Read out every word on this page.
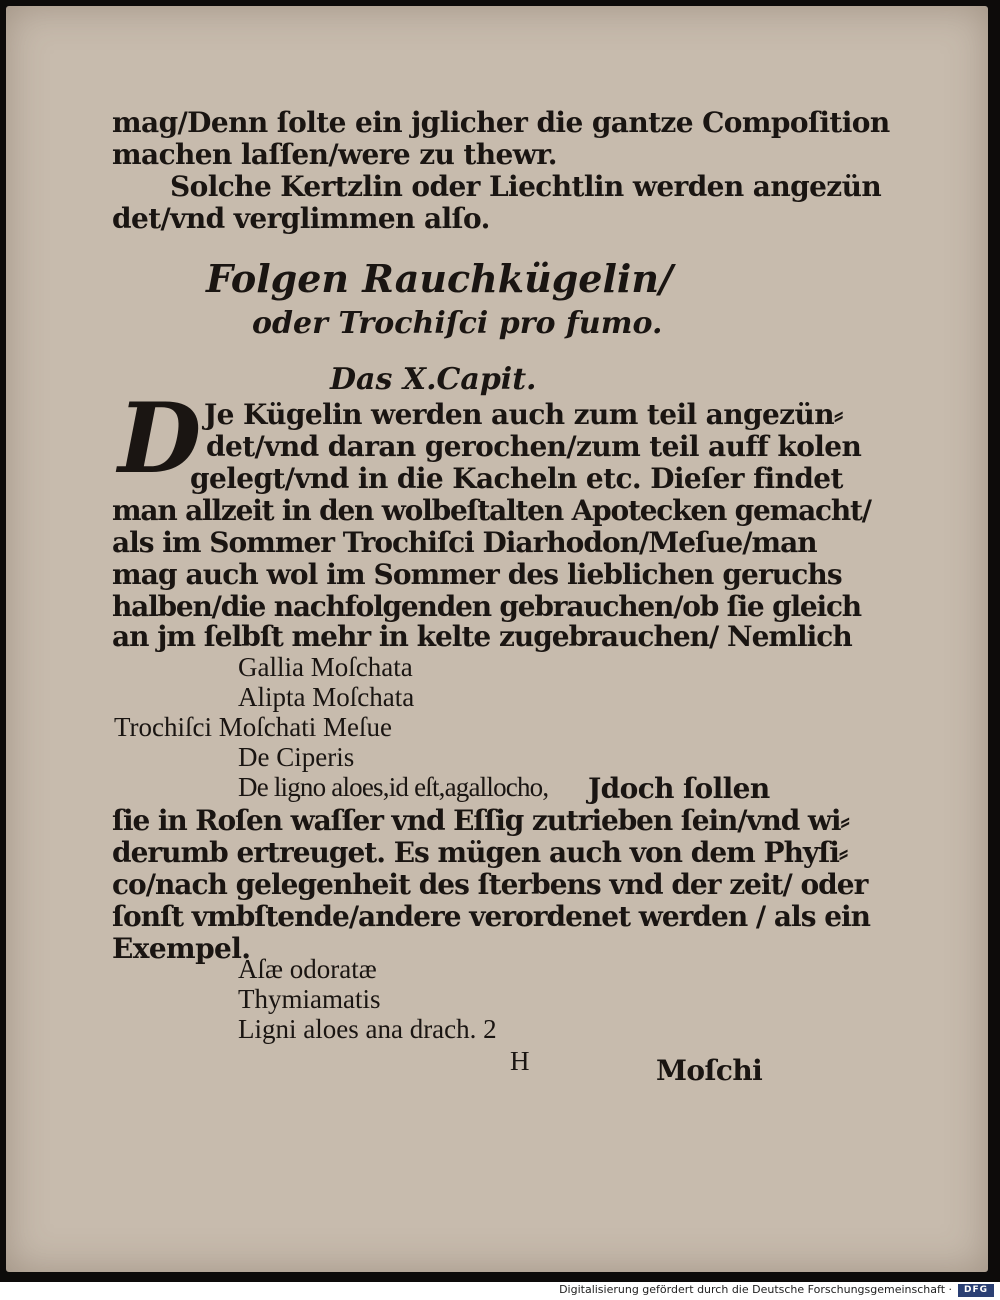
mag/Denn ſolte ein jglicher die gantze Compoſition
machen laſſen/were zu thewr.
Solche Kertzlin oder Liechtlin werden angezün
det/vnd verglimmen alſo.
Folgen Rauchkügelin/
oder Trochiſci pro fumo.
Das X.Capit.
D Je Kügelin werden auch zum teil angezün⸗
det/vnd daran gerochen/zum teil auff kolen
gelegt/vnd in die Kacheln etc. Dieſer findet
man allzeit in den wolbeſtalten Apotecken gemacht/
als im Sommer Trochiſci Diarhodon/Meſue/man
mag auch wol im Sommer des lieblichen geruchs
halben/die nachfolgenden gebrauchen/ob ſie gleich
an jm ſelbſt mehr in kelte zugebrauchen/ Nemlich
Gallia Moſchata
Alipta Moſchata
Trochiſci Moſchati Meſue
De Ciperis
De ligno aloes,id eſt,agallocho, Jdoch ſollen
ſie in Roſen waſſer vnd Eſſig zutrieben ſein/vnd wi⸗
derumb ertreuget. Es mügen auch von dem Phyſi⸗
co/nach gelegenheit des ſterbens vnd der zeit/ oder
ſonſt vmbſtende/andere verordenet werden / als ein
Exempel.
Aſæ odoratæ
Thymiamatis
Ligni aloes ana drach. 2
H	Moſchi
Digitalisierung gefördert durch die Deutsche Forschungsgemeinschaft ·	DFG
